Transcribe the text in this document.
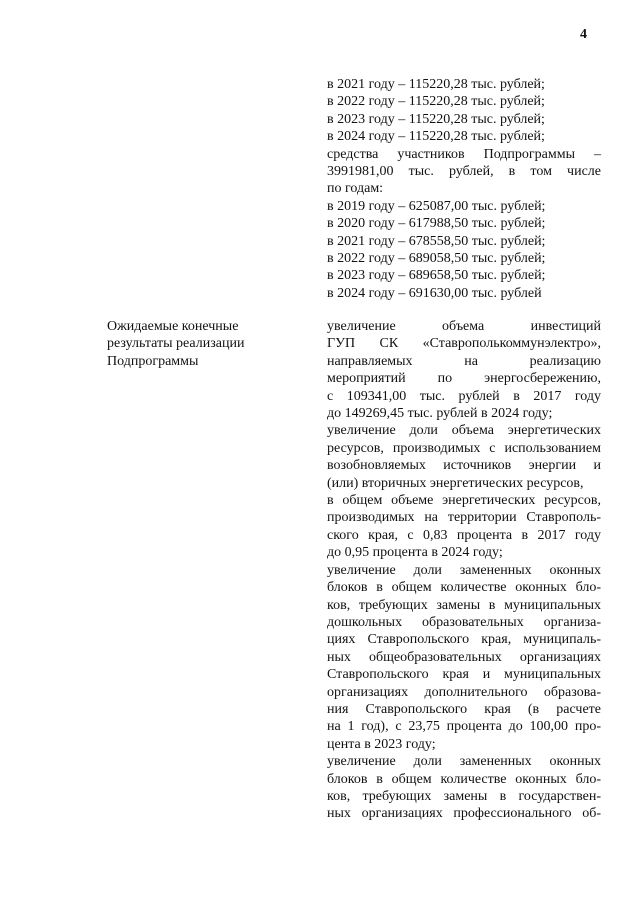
4
в 2021 году – 115220,28 тыс. рублей;
в 2022 году – 115220,28 тыс. рублей;
в 2023 году – 115220,28 тыс. рублей;
в 2024 году – 115220,28 тыс. рублей;
средства участников Подпрограммы –
3991981,00 тыс. рублей, в том числе
по годам:
в 2019 году – 625087,00 тыс. рублей;
в 2020 году – 617988,50 тыс. рублей;
в 2021 году – 678558,50 тыс. рублей;
в 2022 году – 689058,50 тыс. рублей;
в 2023 году – 689658,50 тыс. рублей;
в 2024 году – 691630,00 тыс. рублей
Ожидаемые конечные
результаты реализации
Подпрограммы
увеличение объема инвестиций
ГУП СК «Ставрополькоммунэлектро»,
направляемых на реализацию
мероприятий по энергосбережению,
с 109341,00 тыс. рублей в 2017 году
до 149269,45 тыс. рублей в 2024 году;
увеличение доли объема энергетических
ресурсов, производимых с использованием
возобновляемых источников энергии и
(или) вторичных энергетических ресурсов,
в общем объеме энергетических ресурсов,
производимых на территории Ставрополь-
ского края, с 0,83 процента в 2017 году
до 0,95 процента в 2024 году;
увеличение доли замененных оконных
блоков в общем количестве оконных бло-
ков, требующих замены в муниципальных
дошкольных образовательных организа-
циях Ставропольского края, муниципаль-
ных общеобразовательных организациях
Ставропольского края и муниципальных
организациях дополнительного образова-
ния Ставропольского края (в расчете
на 1 год), с 23,75 процента до 100,00 про-
цента в 2023 году;
увеличение доли замененных оконных
блоков в общем количестве оконных бло-
ков, требующих замены в государствен-
ных организациях профессионального об-
